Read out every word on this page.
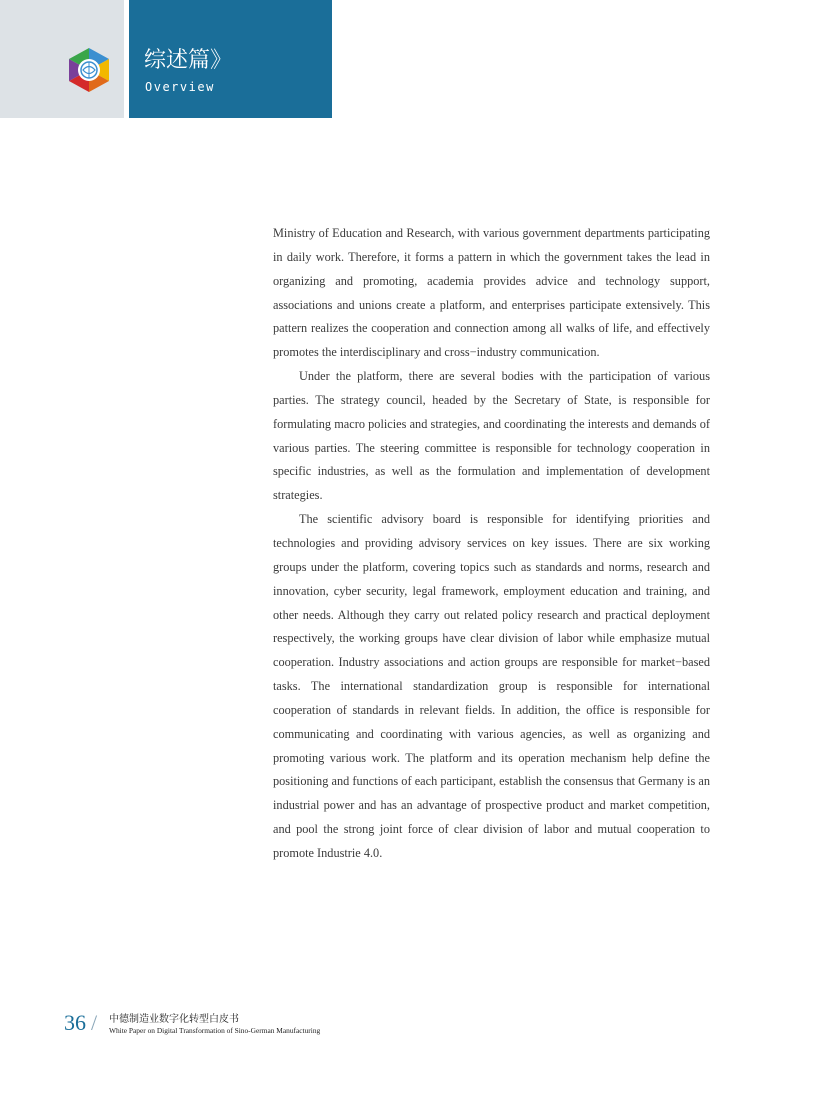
综述篇》
Overview

Ministry of Education and Research, with various government departments participating in daily work. Therefore, it forms a pattern in which the government takes the lead in organizing and promoting, academia provides advice and technology support, associations and unions create a platform, and enterprises participate extensively. This pattern realizes the cooperation and connection among all walks of life, and effectively promotes the interdisciplinary and cross−industry communication.

Under the platform, there are several bodies with the participation of various parties. The strategy council, headed by the Secretary of State, is responsible for formulating macro policies and strategies, and coordinating the interests and demands of various parties. The steering committee is responsible for technology cooperation in specific industries, as well as the formulation and implementation of development strategies.

The scientific advisory board is responsible for identifying priorities and technologies and providing advisory services on key issues. There are six working groups under the platform, covering topics such as standards and norms, research and innovation, cyber security, legal framework, employment education and training, and other needs. Although they carry out related policy research and practical deployment respectively, the working groups have clear division of labor while emphasize mutual cooperation. Industry associations and action groups are responsible for market−based tasks. The international standardization group is responsible for international cooperation of standards in relevant fields. In addition, the office is responsible for communicating and coordinating with various agencies, as well as organizing and promoting various work. The platform and its operation mechanism help define the positioning and functions of each participant, establish the consensus that Germany is an industrial power and has an advantage of prospective product and market competition, and pool the strong joint force of clear division of labor and mutual cooperation to promote Industrie 4.0.

36 / 中德制造业数字化转型白皮书
White Paper on Digital Transformation of Sino-German Manufacturing
